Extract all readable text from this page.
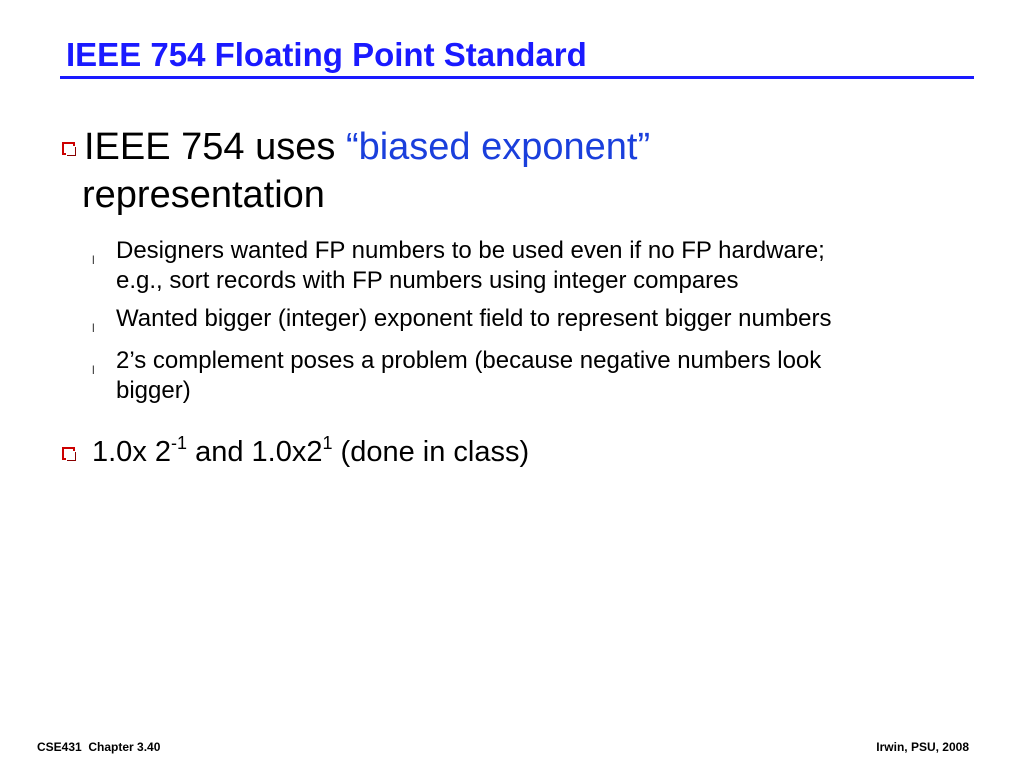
IEEE 754 Floating Point Standard
IEEE 754 uses “biased exponent”
representation
l Designers wanted FP numbers to be used even if no FP hardware;
e.g., sort records with FP numbers using integer compares
l Wanted bigger (integer) exponent field to represent bigger numbers
l 2’s complement poses a problem (because negative numbers look
bigger)
1.0x $2^{-1}$ and $1.0x2^1$ (done in class)
CSE431  Chapter 3.40	Irwin, PSU, 2008
